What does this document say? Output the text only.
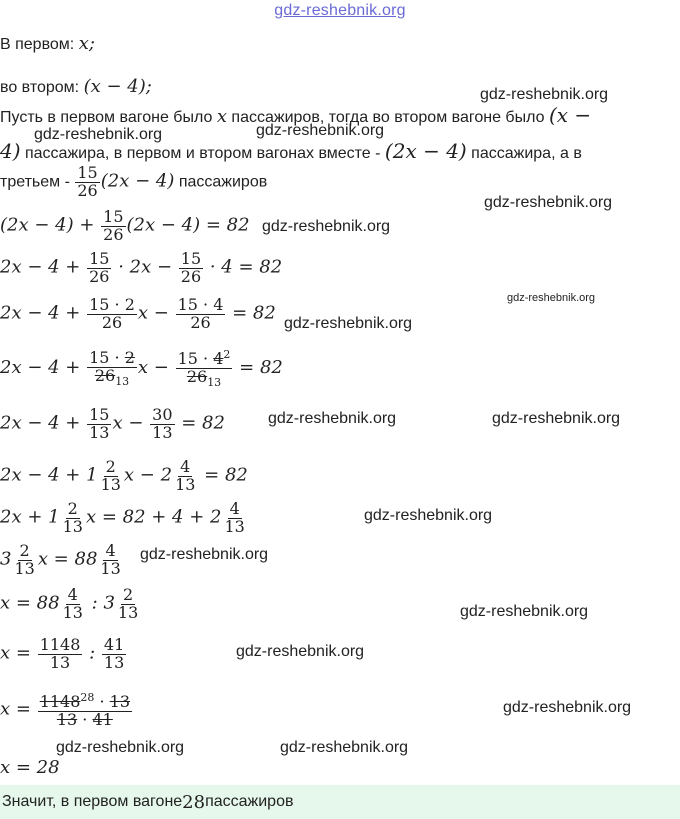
gdz-reshebnik.org
В первом: x;
во втором: (x − 4);
Пусть в первом вагоне было x пассажиров, тогда во втором вагоне было (x −
4) пассажира, в первом и втором вагонах вместе - (2x − 4) пассажира, а в
третьем - $\frac{15}{26} (2x - 4)$ пассажиров
$(2x - 4) + \frac{15}{26} (2x - 4) = 82$
$2x - 4 + \frac{15}{26} \cdot 2x - \frac{15}{26} \cdot 4 = 82$
$2x - 4 + \frac{15 \cdot 2}{26}$ $x - \frac{15 \cdot 4}{26} = 82$
$2x - 4 + \frac{15 \cdot 2}{26_{13}}$ $x - \frac{15 \cdot 4^2}{26_{13}} = 82$
$2x - 4 + \frac{15}{13}$ $x - \frac{30}{13} = 82$
$2x - 4 + 1 \frac{2}{13}$ $x - 2 \frac{4}{13} = 82$
$2x + 1 \frac{2}{13}$ $x = 82 + 4 + 2 \frac{4}{13}$
$3 \frac{2}{13}$ $x = 88 \frac{4}{13}$
$x = 88 \frac{4}{13}$ : $3 \frac{2}{13}$
$x = \frac{1148}{13}$ : $\frac{41}{13}$
$x = \frac{1148^{28} \cdot 13}{13 \cdot 41}$
x = 28
Значит, в первом вагоне 28 пассажиров
gdz-reshebnik.org
gdz-reshebnik.org	gdz-reshebnik.org
gdz-reshebnik.org
gdz-reshebnik.org
gdz-reshebnik.org
gdz-reshebnik.org
gdz-reshebnik.org	gdz-reshebnik.org
gdz-reshebnik.org
gdz-reshebnik.org
gdz-reshebnik.org
gdz-reshebnik.org
gdz-reshebnik.org
gdz-reshebnik.org	gdz-reshebnik.org
